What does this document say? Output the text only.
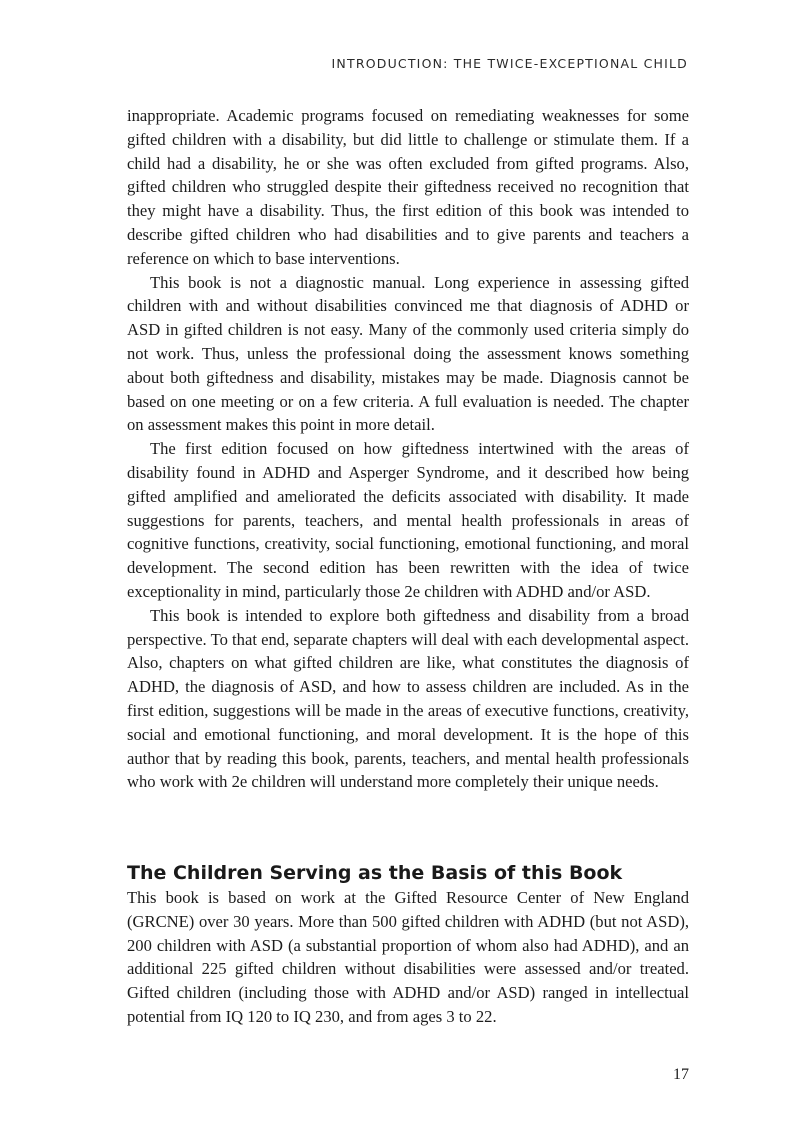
INTRODUCTION: THE TWICE-EXCEPTIONAL CHILD

inappropriate. Academic programs focused on remediating weaknesses for some gifted children with a disability, but did little to challenge or stimulate them. If a child had a disability, he or she was often excluded from gifted programs. Also, gifted children who struggled despite their giftedness received no recognition that they might have a disability. Thus, the first edition of this book was intended to describe gifted children who had disabilities and to give parents and teachers a reference on which to base interventions.

This book is not a diagnostic manual. Long experience in assessing gifted children with and without disabilities convinced me that diagnosis of ADHD or ASD in gifted children is not easy. Many of the commonly used criteria simply do not work. Thus, unless the professional doing the assessment knows something about both giftedness and disability, mistakes may be made. Diagnosis cannot be based on one meeting or on a few criteria. A full evaluation is needed. The chapter on assessment makes this point in more detail.

The first edition focused on how giftedness intertwined with the areas of disability found in ADHD and Asperger Syndrome, and it described how being gifted amplified and ameliorated the deficits associated with disability. It made suggestions for parents, teachers, and mental health professionals in areas of cognitive functions, creativity, social functioning, emotional functioning, and moral development. The second edition has been rewritten with the idea of twice exceptionality in mind, particularly those 2e children with ADHD and/or ASD.

This book is intended to explore both giftedness and disability from a broad perspective. To that end, separate chapters will deal with each developmental aspect. Also, chapters on what gifted children are like, what constitutes the diagnosis of ADHD, the diagnosis of ASD, and how to assess children are included. As in the first edition, suggestions will be made in the areas of executive functions, creativity, social and emotional functioning, and moral development. It is the hope of this author that by reading this book, parents, teachers, and mental health professionals who work with 2e children will understand more completely their unique needs.

The Children Serving as the Basis of this Book

This book is based on work at the Gifted Resource Center of New England (GRCNE) over 30 years. More than 500 gifted children with ADHD (but not ASD), 200 children with ASD (a substantial proportion of whom also had ADHD), and an additional 225 gifted children without disabilities were assessed and/or treated. Gifted children (including those with ADHD and/or ASD) ranged in intellectual potential from IQ 120 to IQ 230, and from ages 3 to 22.

17
